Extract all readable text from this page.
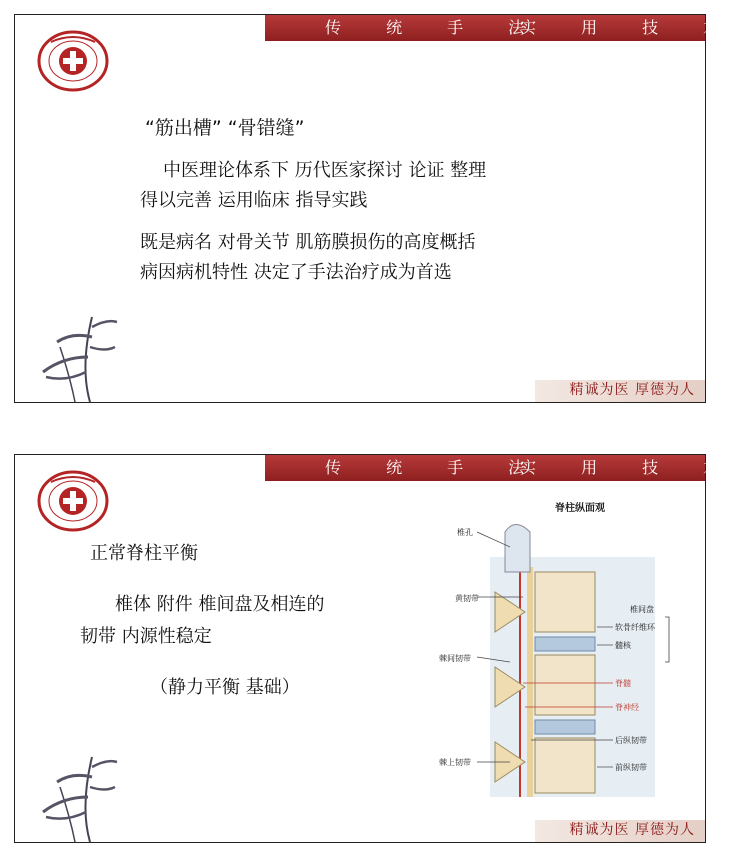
传 统 手 法
实 用 技 术
“筋出槽” “骨错缝”
中医理论体系下 历代医家探讨 论证 整理
得以完善 运用临床 指导实践
既是病名 对骨关节 肌筋膜损伤的高度概括
病因病机特性 决定了手法治疗成为首选
精诚为医 厚德为人
传 统 手 法
实 用 技 术
正常脊柱平衡
椎体 附件 椎间盘及相连的
韧带 内源性稳定
（静力平衡 基础）
脊柱纵面观
椎孔
黄韧带
棘间韧带
棘上韧带
椎间盘
软骨纤维环
髓核
脊髓
脊神经
后纵韧带
前纵韧带
精诚为医 厚德为人
